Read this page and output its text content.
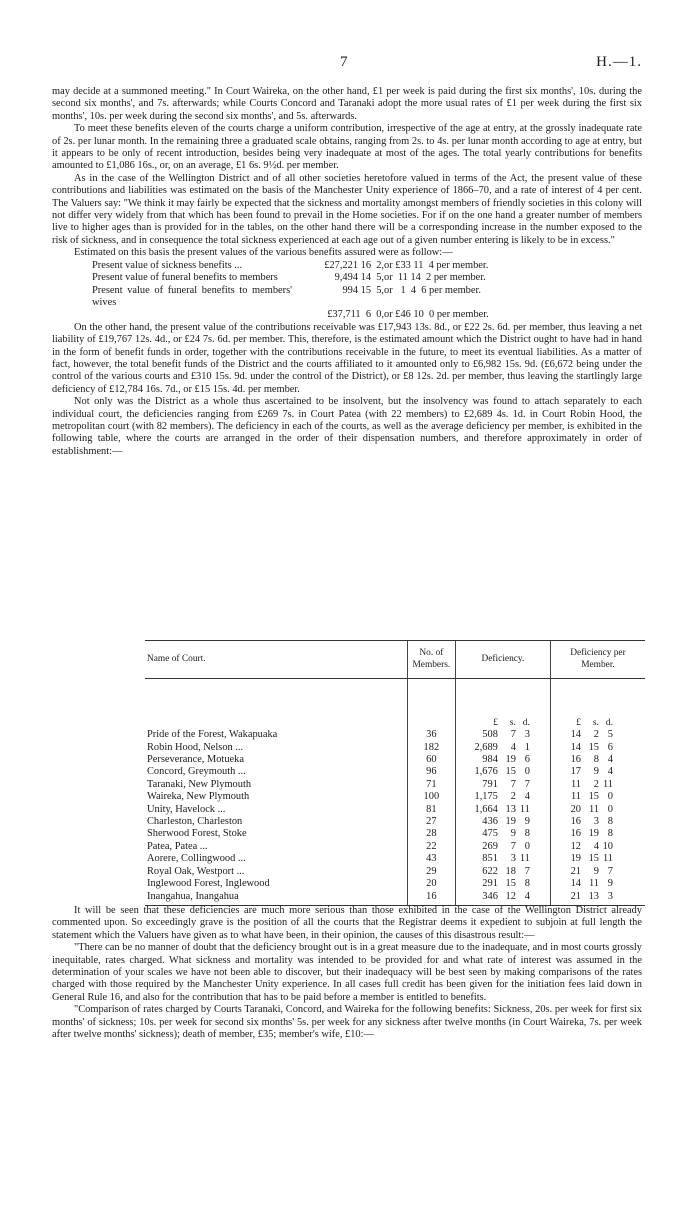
7	H.—1.

may decide at a summoned meeting." In Court Waireka, on the other hand, £1 per week is paid during the first six months', 10s. during the second six months', and 7s. afterwards; while Courts Concord and Taranaki adopt the more usual rates of £1 per week during the first six months', 10s. per week during the second six months', and 5s. afterwards.

To meet these benefits eleven of the courts charge a uniform contribution, irrespective of the age at entry, at the grossly inadequate rate of 2s. per lunar month. In the remaining three a graduated scale obtains, ranging from 2s. to 4s. per lunar month according to age at entry, but it appears to be only of recent introduction, besides being very inadequate at most of the ages. The total yearly contributions for benefits amounted to £1,086 16s., or, on an average, £1 6s. 9½d. per member.

As in the case of the Wellington District and of all other societies heretofore valued in terms of the Act, the present value of these contributions and liabilities was estimated on the basis of the Manchester Unity experience of 1866–70, and a rate of interest of 4 per cent. The Valuers say: "We think it may fairly be expected that the sickness and mortality amongst members of friendly societies in this colony will not differ very widely from that which has been found to prevail in the Home societies. For if on the one hand a greater number of members live to higher ages than is provided for in the tables, on the other hand there will be a corresponding increase in the number exposed to the risk of sickness, and in consequence the total sickness experienced at each age out of a given number entering is likely to be in excess."

Estimated on this basis the present values of the various benefits assured were as follow:—

Present value of sickness benefits ...	£27,221 16  2,	or £33 11  4 per member.
Present value of funeral benefits to members	9,494 14  5,	or  11 14  2 per member.
Present value of funeral benefits to members' wives	994 15  5,	or   1  4  6 per member.
	£37,711  6  0,	or £46 10  0 per member.

On the other hand, the present value of the contributions receivable was £17,943 13s. 8d., or £22 2s. 6d. per member, thus leaving a net liability of £19,767 12s. 4d., or £24 7s. 6d. per member. This, therefore, is the estimated amount which the District ought to have had in hand in the form of benefit funds in order, together with the contributions receivable in the future, to meet its eventual liabilities. As a matter of fact, however, the total benefit funds of the District and the courts affiliated to it amounted only to £6,982 15s. 9d. (£6,672 being under the control of the various courts and £310 15s. 9d. under the control of the District), or £8 12s. 2d. per member, thus leaving the startlingly large deficiency of £12,784 16s. 7d., or £15 15s. 4d. per member.

Not only was the District as a whole thus ascertained to be insolvent, but the insolvency was found to attach separately to each individual court, the deficiencies ranging from £269 7s. in Court Patea (with 22 members) to £2,689 4s. 1d. in Court Robin Hood, the metropolitan court (with 82 members). The deficiency in each of the courts, as well as the average deficiency per member, is exhibited in the following table, where the courts are arranged in the order of their dispensation numbers, and therefore approximately in order of establishment:—

Name of Court.	No. of Members.	Deficiency.	Deficiency per Member.
		£ s. d.	£ s. d.
Pride of the Forest, Wakapuaka	36	508 7 3	14 2 5
Robin Hood, Nelson ...	182	2,689 4 1	14 15 6
Perseverance, Motueka	60	984 19 6	16 8 4
Concord, Greymouth ...	96	1,676 15 0	17 9 4
Taranaki, New Plymouth	71	791 7 7	11 2 11
Waireka, New Plymouth	100	1,175 2 4	11 15 0
Unity, Havelock ...	81	1,664 13 11	20 11 0
Charleston, Charleston	27	436 19 9	16 3 8
Sherwood Forest, Stoke	28	475 9 8	16 19 8
Patea, Patea ...	22	269 7 0	12 4 10
Aorere, Collingwood ...	43	851 3 11	19 15 11
Royal Oak, Westport ...	29	622 18 7	21 9 7
Inglewood Forest, Inglewood	20	291 15 8	14 11 9
Inangahua, Inangahua	16	346 12 4	21 13 3

It will be seen that these deficiencies are much more serious than those exhibited in the case of the Wellington District already commented upon. So exceedingly grave is the position of all the courts that the Registrar deems it expedient to subjoin at full length the statement which the Valuers have given as to what have been, in their opinion, the causes of this disastrous result:—

"There can be no manner of doubt that the deficiency brought out is in a great measure due to the inadequate, and in most courts grossly inequitable, rates charged. What sickness and mortality was intended to be provided for and what rate of interest was assumed in the determination of your scales we have not been able to discover, but their inadequacy will be best seen by making comparisons of the rates charged with those required by the Manchester Unity experience. In all cases full credit has been given for the initiation fees laid down in General Rule 16, and also for the contribution that has to be paid before a member is entitled to benefits.

"Comparison of rates charged by Courts Taranaki, Concord, and Waireka for the following benefits: Sickness, 20s. per week for first six months' of sickness; 10s. per week for second six months' 5s. per week for any sickness after twelve months (in Court Waireka, 7s. per week after twelve months' sickness); death of member, £35; member's wife, £10:—
